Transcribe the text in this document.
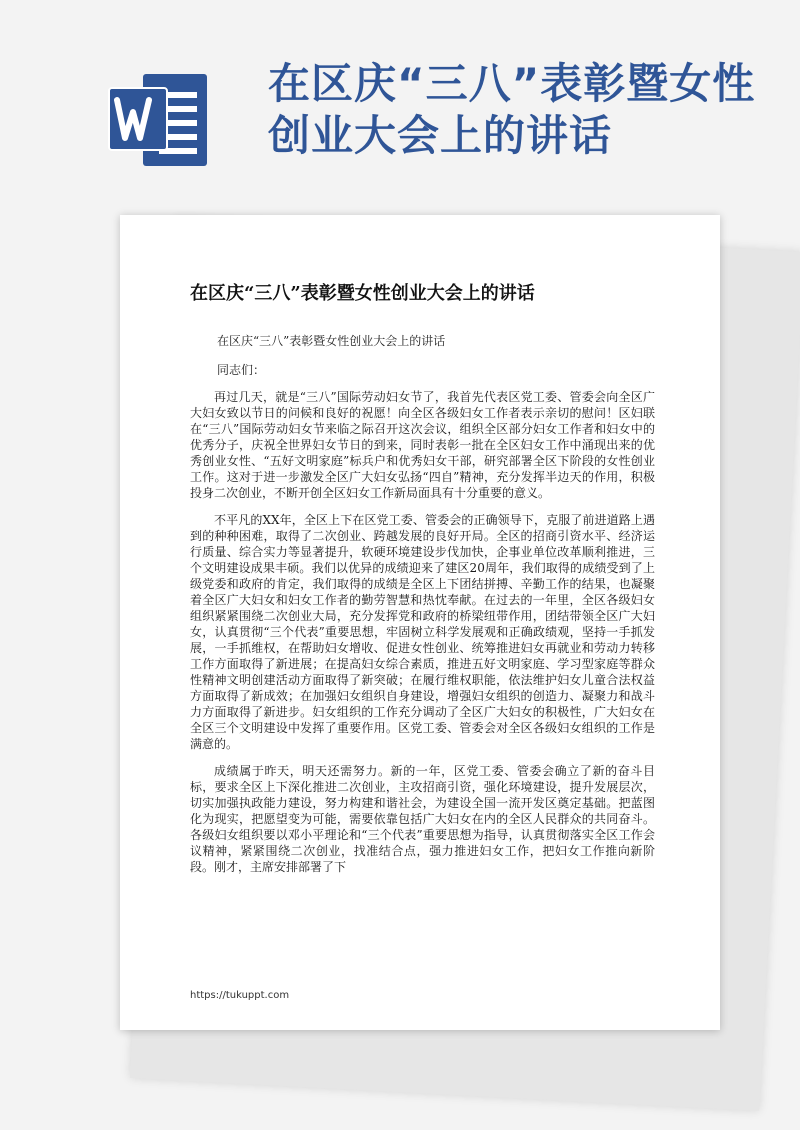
在区庆“三八”表彰暨女性创业大会上的讲话
在区庆“三八”表彰暨女性创业大会上的讲话
在区庆“三八”表彰暨女性创业大会上的讲话
同志们：

再过几天，就是“三八”国际劳动妇女节了，我首先代表区党工委、管委会向全区广大妇女致以节日的问候和良好的祝愿！向全区各级妇女工作者表示亲切的慰问！区妇联在“三八”国际劳动妇女节来临之际召开这次会议，组织全区部分妇女工作者和妇女中的优秀分子，庆祝全世界妇女节日的到来，同时表彰一批在全区妇女工作中涌现出来的优秀创业女性、“五好文明家庭”标兵户和优秀妇女干部，研究部署全区下阶段的女性创业工作。这对于进一步激发全区广大妇女弘扬“四自”精神，充分发挥半边天的作用，积极投身二次创业，不断开创全区妇女工作新局面具有十分重要的意义。

不平凡的XX年，全区上下在区党工委、管委会的正确领导下，克服了前进道路上遇到的种种困难，取得了二次创业、跨越发展的良好开局。全区的招商引资水平、经济运行质量、综合实力等显著提升，软硬环境建设步伐加快，企事业单位改革顺利推进，三个文明建设成果丰硕。我们以优异的成绩迎来了建区20周年，我们取得的成绩受到了上级党委和政府的肯定，我们取得的成绩是全区上下团结拼搏、辛勤工作的结果，也凝聚着全区广大妇女和妇女工作者的勤劳智慧和热忱奉献。在过去的一年里，全区各级妇女组织紧紧围绕二次创业大局，充分发挥党和政府的桥梁纽带作用，团结带领全区广大妇女，认真贯彻“三个代表”重要思想，牢固树立科学发展观和正确政绩观，坚持一手抓发展，一手抓维权，在帮助妇女增收、促进女性创业、统筹推进妇女再就业和劳动力转移工作方面取得了新进展；在提高妇女综合素质，推进五好文明家庭、学习型家庭等群众性精神文明创建活动方面取得了新突破；在履行维权职能，依法维护妇女儿童合法权益方面取得了新成效；在加强妇女组织自身建设，增强妇女组织的创造力、凝聚力和战斗力方面取得了新进步。妇女组织的工作充分调动了全区广大妇女的积极性，广大妇女在全区三个文明建设中发挥了重要作用。区党工委、管委会对全区各级妇女组织的工作是满意的。

成绩属于昨天，明天还需努力。新的一年，区党工委、管委会确立了新的奋斗目标，要求全区上下深化推进二次创业，主攻招商引资，强化环境建设，提升发展层次，切实加强执政能力建设，努力构建和谐社会，为建设全国一流开发区奠定基础。把蓝图化为现实，把愿望变为可能，需要依靠包括广大妇女在内的全区人民群众的共同奋斗。各级妇女组织要以邓小平理论和“三个代表”重要思想为指导，认真贯彻落实全区工作会议精神，紧紧围绕二次创业，找准结合点，强力推进妇女工作，把妇女工作推向新阶段。刚才，主席安排部署了下

https://tukuppt.com
